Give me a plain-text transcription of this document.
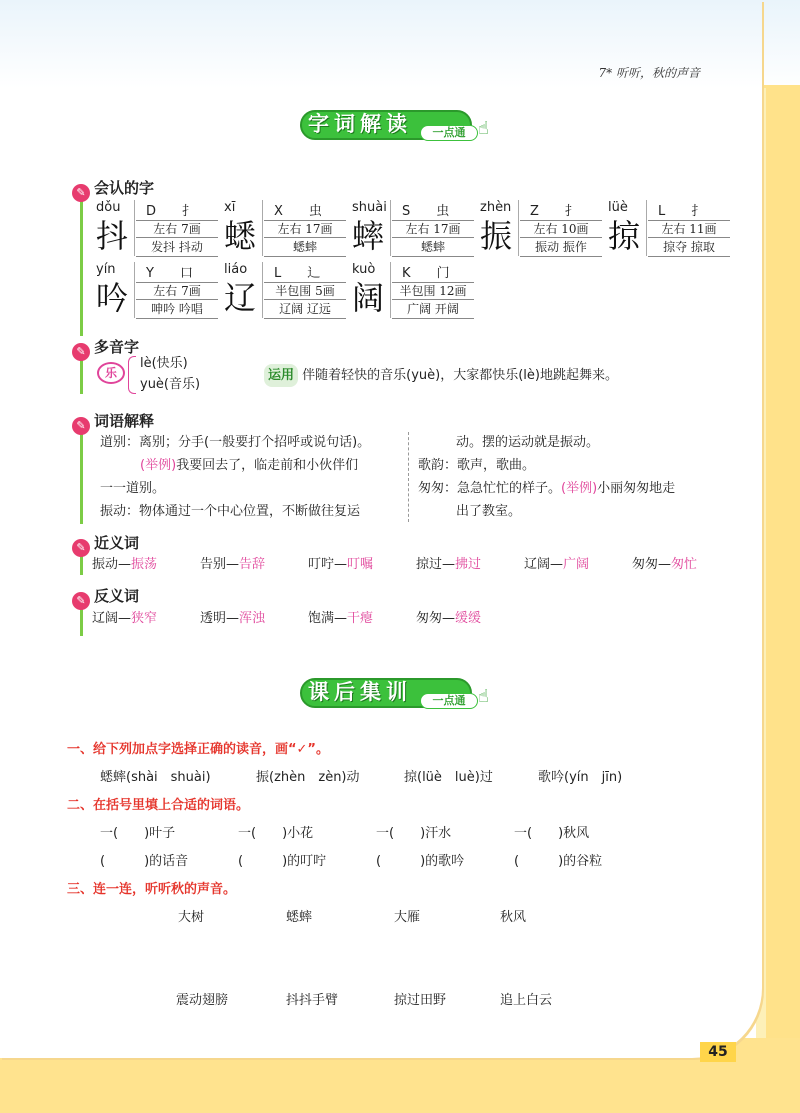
7* 听听，秋的声音
字词解读	一点通 ☝
✎ 会认的字
dǒu D　　 扌
抖	左右 7画
发抖 抖动
xī	X　　 虫
蟋	左右 17画
蟋蟀
shuài S　　 虫
蟀	左右 17画
蟋蟀
zhèn Z　　 扌
振	左右 10画
振动 振作
lüè L　　 扌
掠	左右 11画
掠夺 掠取
yín Y　　 口
吟	左右 7画
呻吟 吟唱
liáo L　　 辶
辽	半包围 5画
辽阔 辽远
kuò K　　 门
阔	半包围 12画
广阔 开阔
✎ 多音字
乐
lè(快乐)
yuè(音乐)
运用 伴随着轻快的音乐(yuè)，大家都快乐(lè)地跳起舞来。
✎ 词语解释
道别：离别；分手(一般要打个招呼或说句话)。
(举例)我要回去了，临走前和小伙伴们
一一道别。
振动：物体通过一个中心位置，不断做往复运
动。摆的运动就是振动。
歌韵：歌声，歌曲。
匆匆：急急忙忙的样子。(举例)小丽匆匆地走
出了教室。
✎ 近义词
振动—振荡	告别—告辞	叮咛—叮嘱	掠过—拂过	辽阔—广阔	匆匆—匆忙
✎ 反义词
辽阔—狭窄	透明—浑浊	饱满—干瘪	匆匆—缓缓
课后集训	一点通 ☝
一、给下列加点字选择正确的读音，画“✓”。
蟋蟀(shài　shuài)	振(zhèn　zèn)动	掠(lüè　luè)过	歌吟(yín　jīn)
二、在括号里填上合适的词语。
一(　　)叶子	一(　　)小花	一(　　)汗水	一(　　)秋风
(　　　)的话音	(　　　)的叮咛	(　　　)的歌吟	(　　　)的谷粒
三、连一连，听听秋的声音。
大树	蟋蟀	大雁	秋风
震动翅膀	抖抖手臂	掠过田野	追上白云
45
